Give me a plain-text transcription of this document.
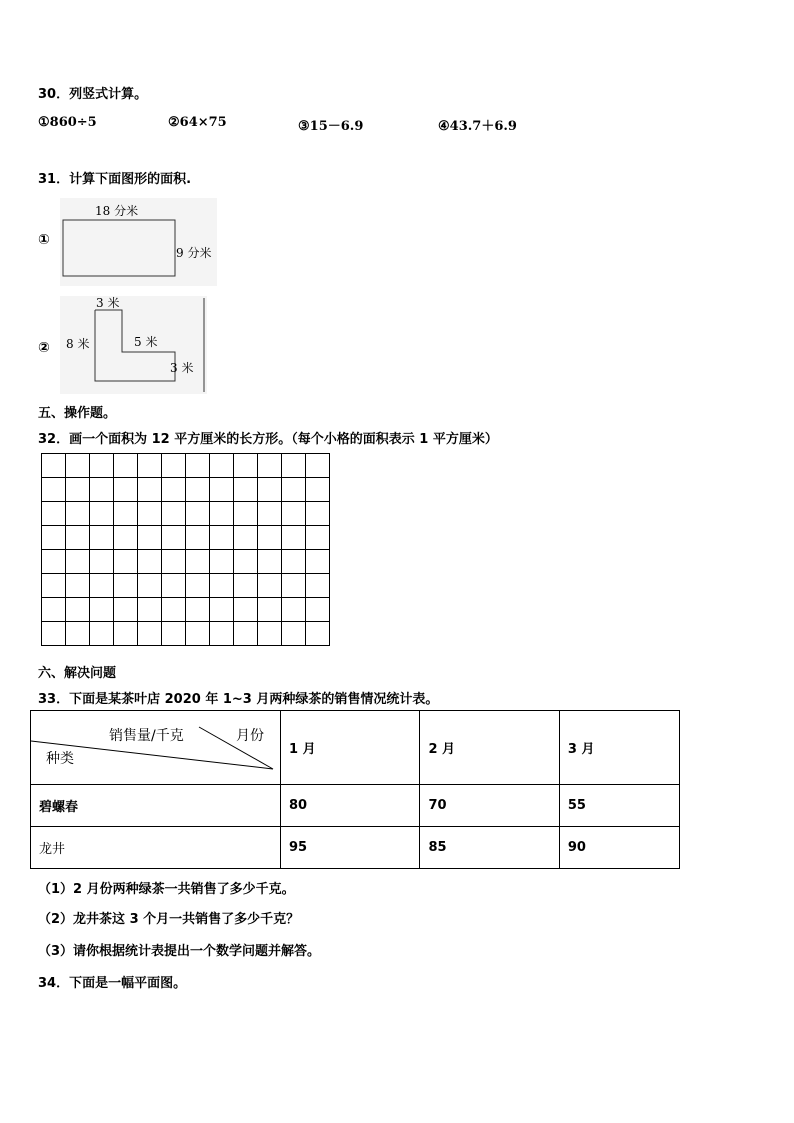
30．列竖式计算。
①860÷5	②64×75	③15－6.9	④43.7＋6.9
31．计算下面图形的面积.
①
18 分米
9 分米
②
3 米
8 米	5 米
3 米
五、操作题。
32．画一个面积为 12 平方厘米的长方形。（每个小格的面积表示 1 平方厘米）

六、解决问题
33．下面是某茶叶店 2020 年 1~3 月两种绿茶的销售情况统计表。
销售量/千克 月份
种类	1 月	2 月	3 月
碧螺春	80	70	55
龙井	95	85	90
（1）2 月份两种绿茶一共销售了多少千克。
（2）龙井茶这 3 个月一共销售了多少千克？
（3）请你根据统计表提出一个数学问题并解答。
34．下面是一幅平面图。
